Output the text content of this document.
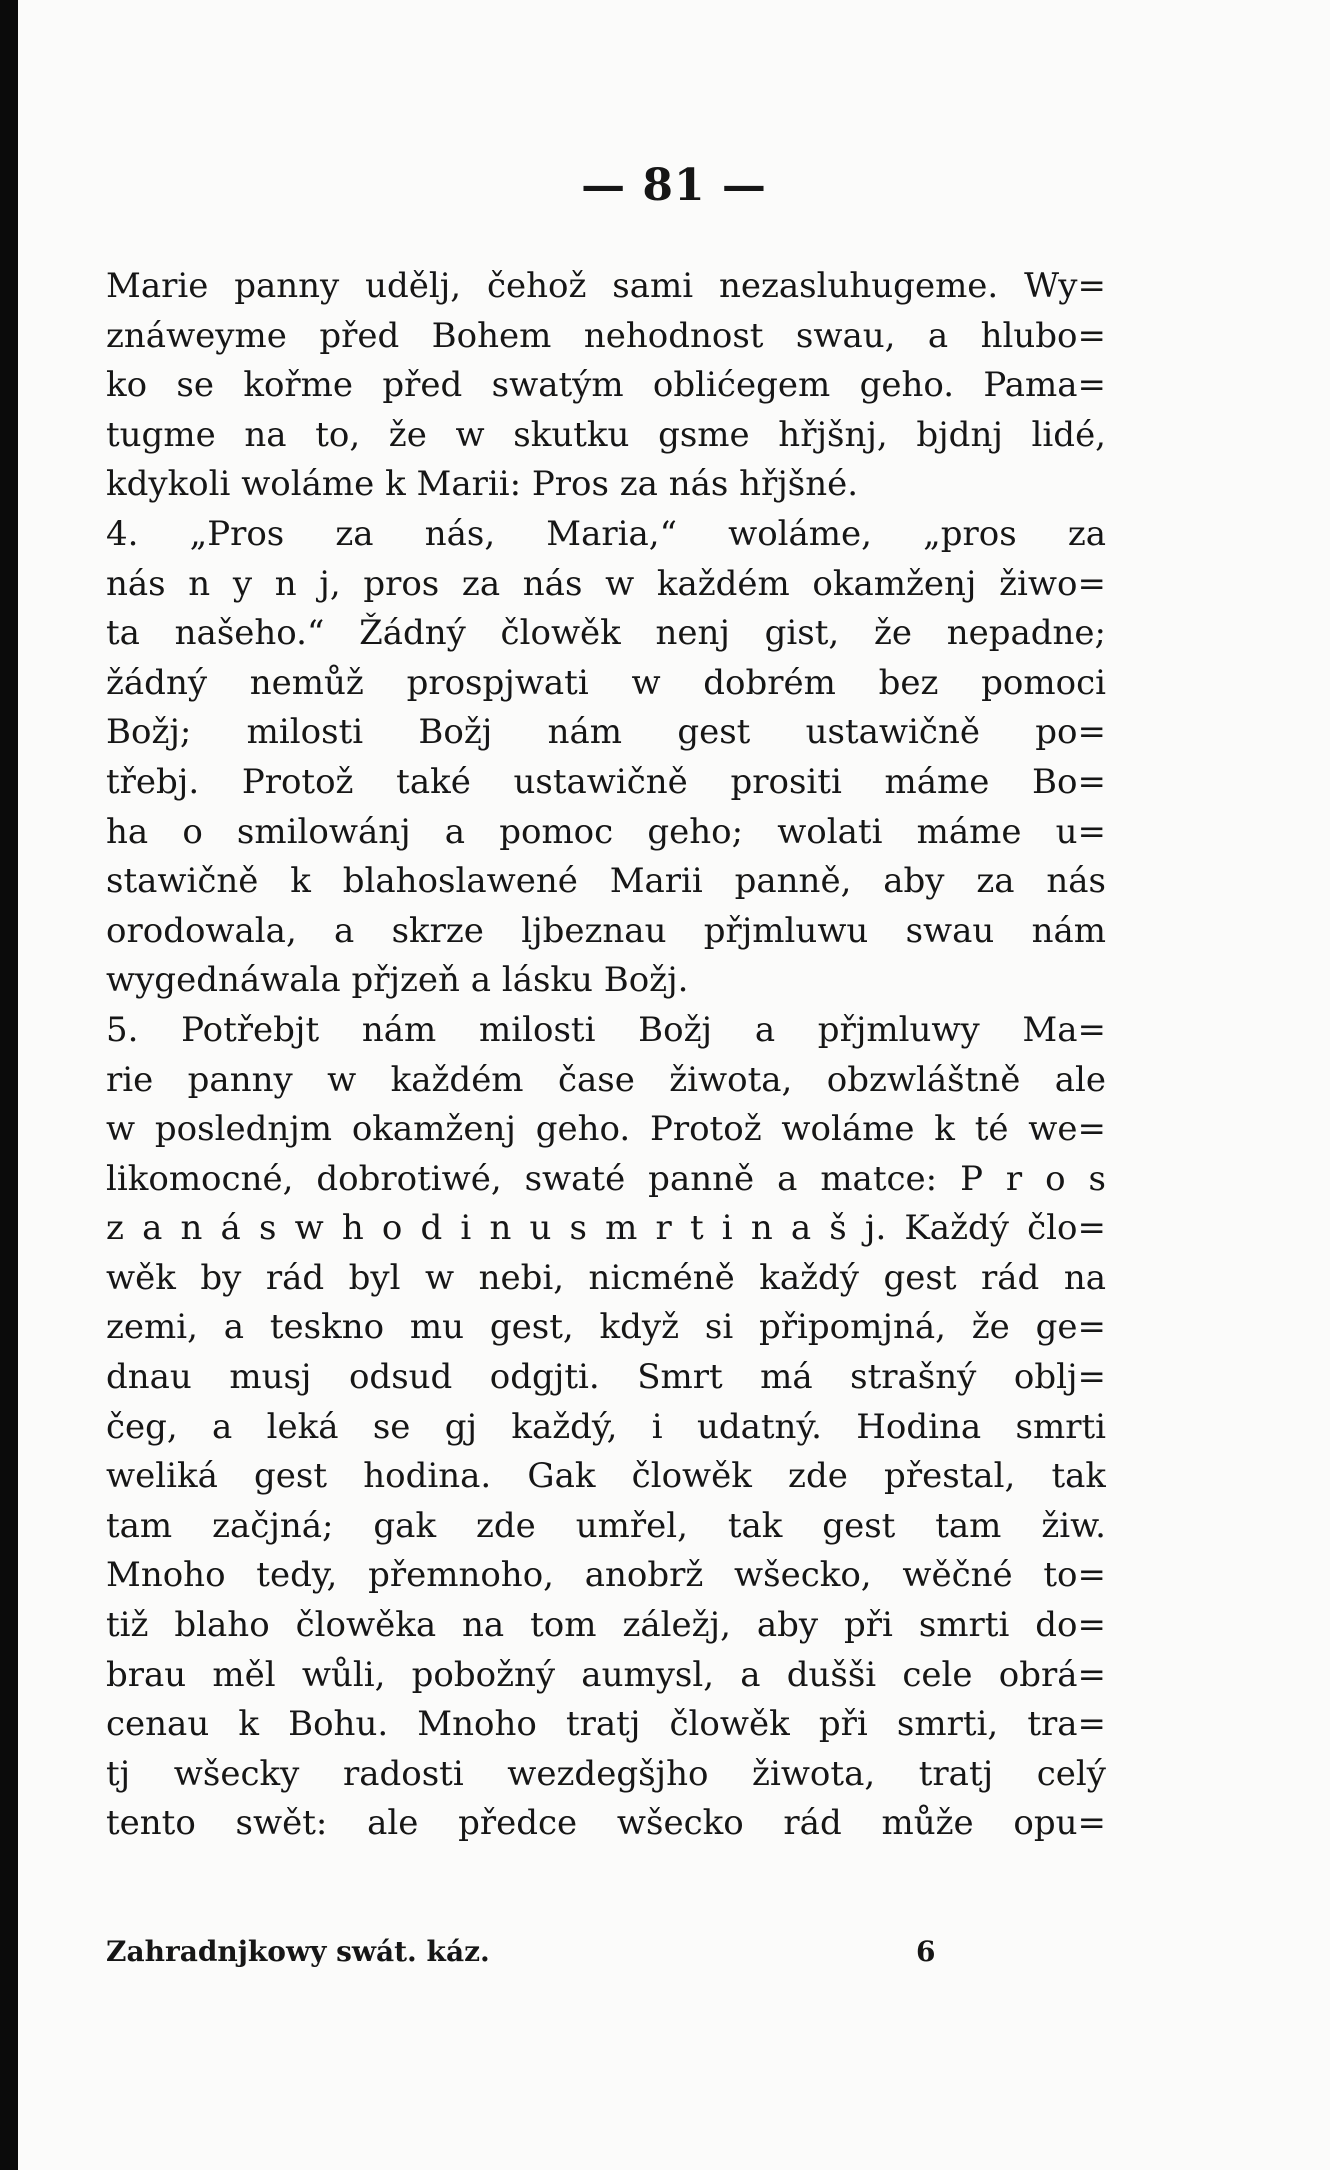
— 81 —
Marie panny udělj, čehož sami nezasluhugeme. Wy=
znáweyme před Bohem nehodnost swau, a hlubo=
ko se kořme před swatým oblićegem geho. Pama=
tugme na to, že w skutku gsme hřjšnj, bjdnj lidé,
kdykoli woláme k Marii: Pros za nás hřjšné.
4. „Pros za nás, Maria,“ woláme, „pros za
nás n y n j, pros za nás w každém okamženj žiwo=
ta našeho.“ Žádný člowěk nenj gist, že nepadne;
žádný nemůž prospjwati w dobrém bez pomoci
Božj; milosti Božj nám gest ustawičně po=
třebj. Protož také ustawičně prositi máme Bo=
ha o smilowánj a pomoc geho; wolati máme u=
stawičně k blahoslawené Marii panně, aby za nás
orodowala, a skrze ljbeznau přjmluwu swau nám
wygednáwala přjzeň a lásku Božj.
5. Potřebjt nám milosti Božj a přjmluwy Ma=
rie panny w každém čase žiwota, obzwláštně ale
w poslednjm okamženj geho. Protož woláme k té we=
likomocné, dobrotiwé, swaté panně a matce: P r o s
z a n á s w h o d i n u s m r t i n a š j. Každý člo=
wěk by rád byl w nebi, nicméně každý gest rád na
zemi, a teskno mu gest, když si připomjná, že ge=
dnau musj odsud odgjti. Smrt má strašný oblj=
čeg, a leká se gj každý, i udatný. Hodina smrti
weliká gest hodina. Gak člowěk zde přestal, tak
tam začjná; gak zde umřel, tak gest tam žiw.
Mnoho tedy, přemnoho, anobrž wšecko, wěčné to=
tiž blaho člowěka na tom záležj, aby při smrti do=
brau měl wůli, pobožný aumysl, a dušši cele obrá=
cenau k Bohu. Mnoho tratj člowěk při smrti, tra=
tj wšecky radosti wezdegšjho žiwota, tratj celý
tento swět: ale předce wšecko rád může opu=
Zahradnjkowy swát. káz.	6
